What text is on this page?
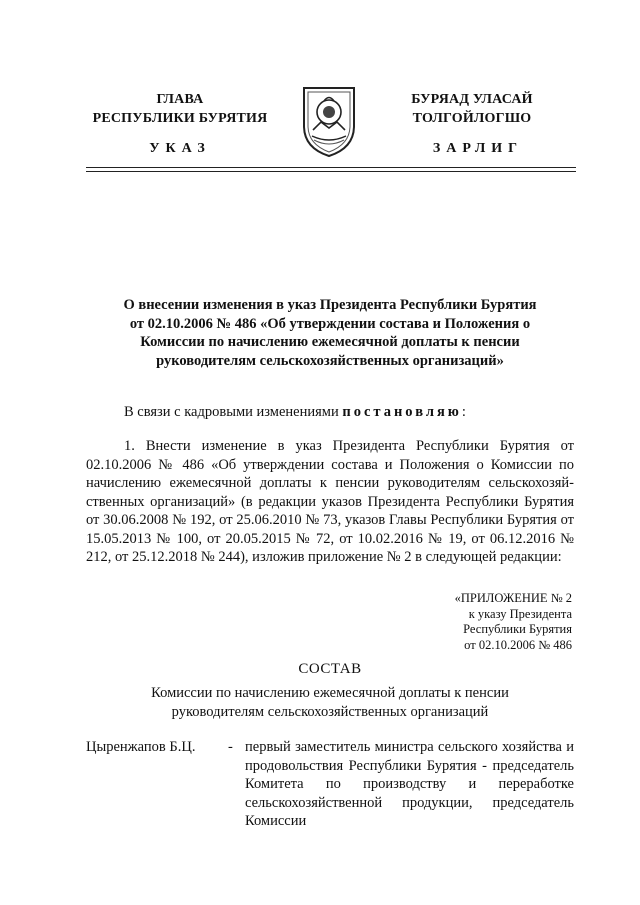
ГЛАВА
РЕСПУБЛИКИ БУРЯТИЯ
БУРЯАД УЛАСАЙ
ТОЛГОЙЛОГШО
УКАЗ	ЗАРЛИГ
О внесении изменения в указ Президента Республики Бурятия
от 02.10.2006 № 486 «Об утверждении состава и Положения о
Комиссии по начислению ежемесячной доплаты к пенсии
руководителям сельскохозяйственных организаций»
В связи с кадровыми изменениями постановляю:
1. Внести изменение в указ Президента Республики Бурятия от 02.10.2006 № 486 «Об утверждении состава и Положения о Комиссии по начислению ежемесячной доплаты к пенсии руководителям сельскохозяйственных организаций» (в редакции указов Президента Республики Бурятия от 30.06.2008 № 192, от 25.06.2010 № 73, указов Главы Республики Бурятия от 15.05.2013 № 100, от 20.05.2015 № 72, от 10.02.2016 № 19, от 06.12.2016 № 212, от 25.12.2018 № 244), изложив приложение № 2 в следующей редакции:
«ПРИЛОЖЕНИЕ № 2
к указу Президента
Республики Бурятия
от 02.10.2006 № 486
СОСТАВ
Комиссии по начислению ежемесячной доплаты к пенсии
руководителям сельскохозяйственных организаций
Цыренжапов Б.Ц.	- первый заместитель министра сельского хозяйства и продовольствия Республики Бурятия - председатель Комитета по производству и переработке сельскохозяйственной продукции, председатель Комиссии
